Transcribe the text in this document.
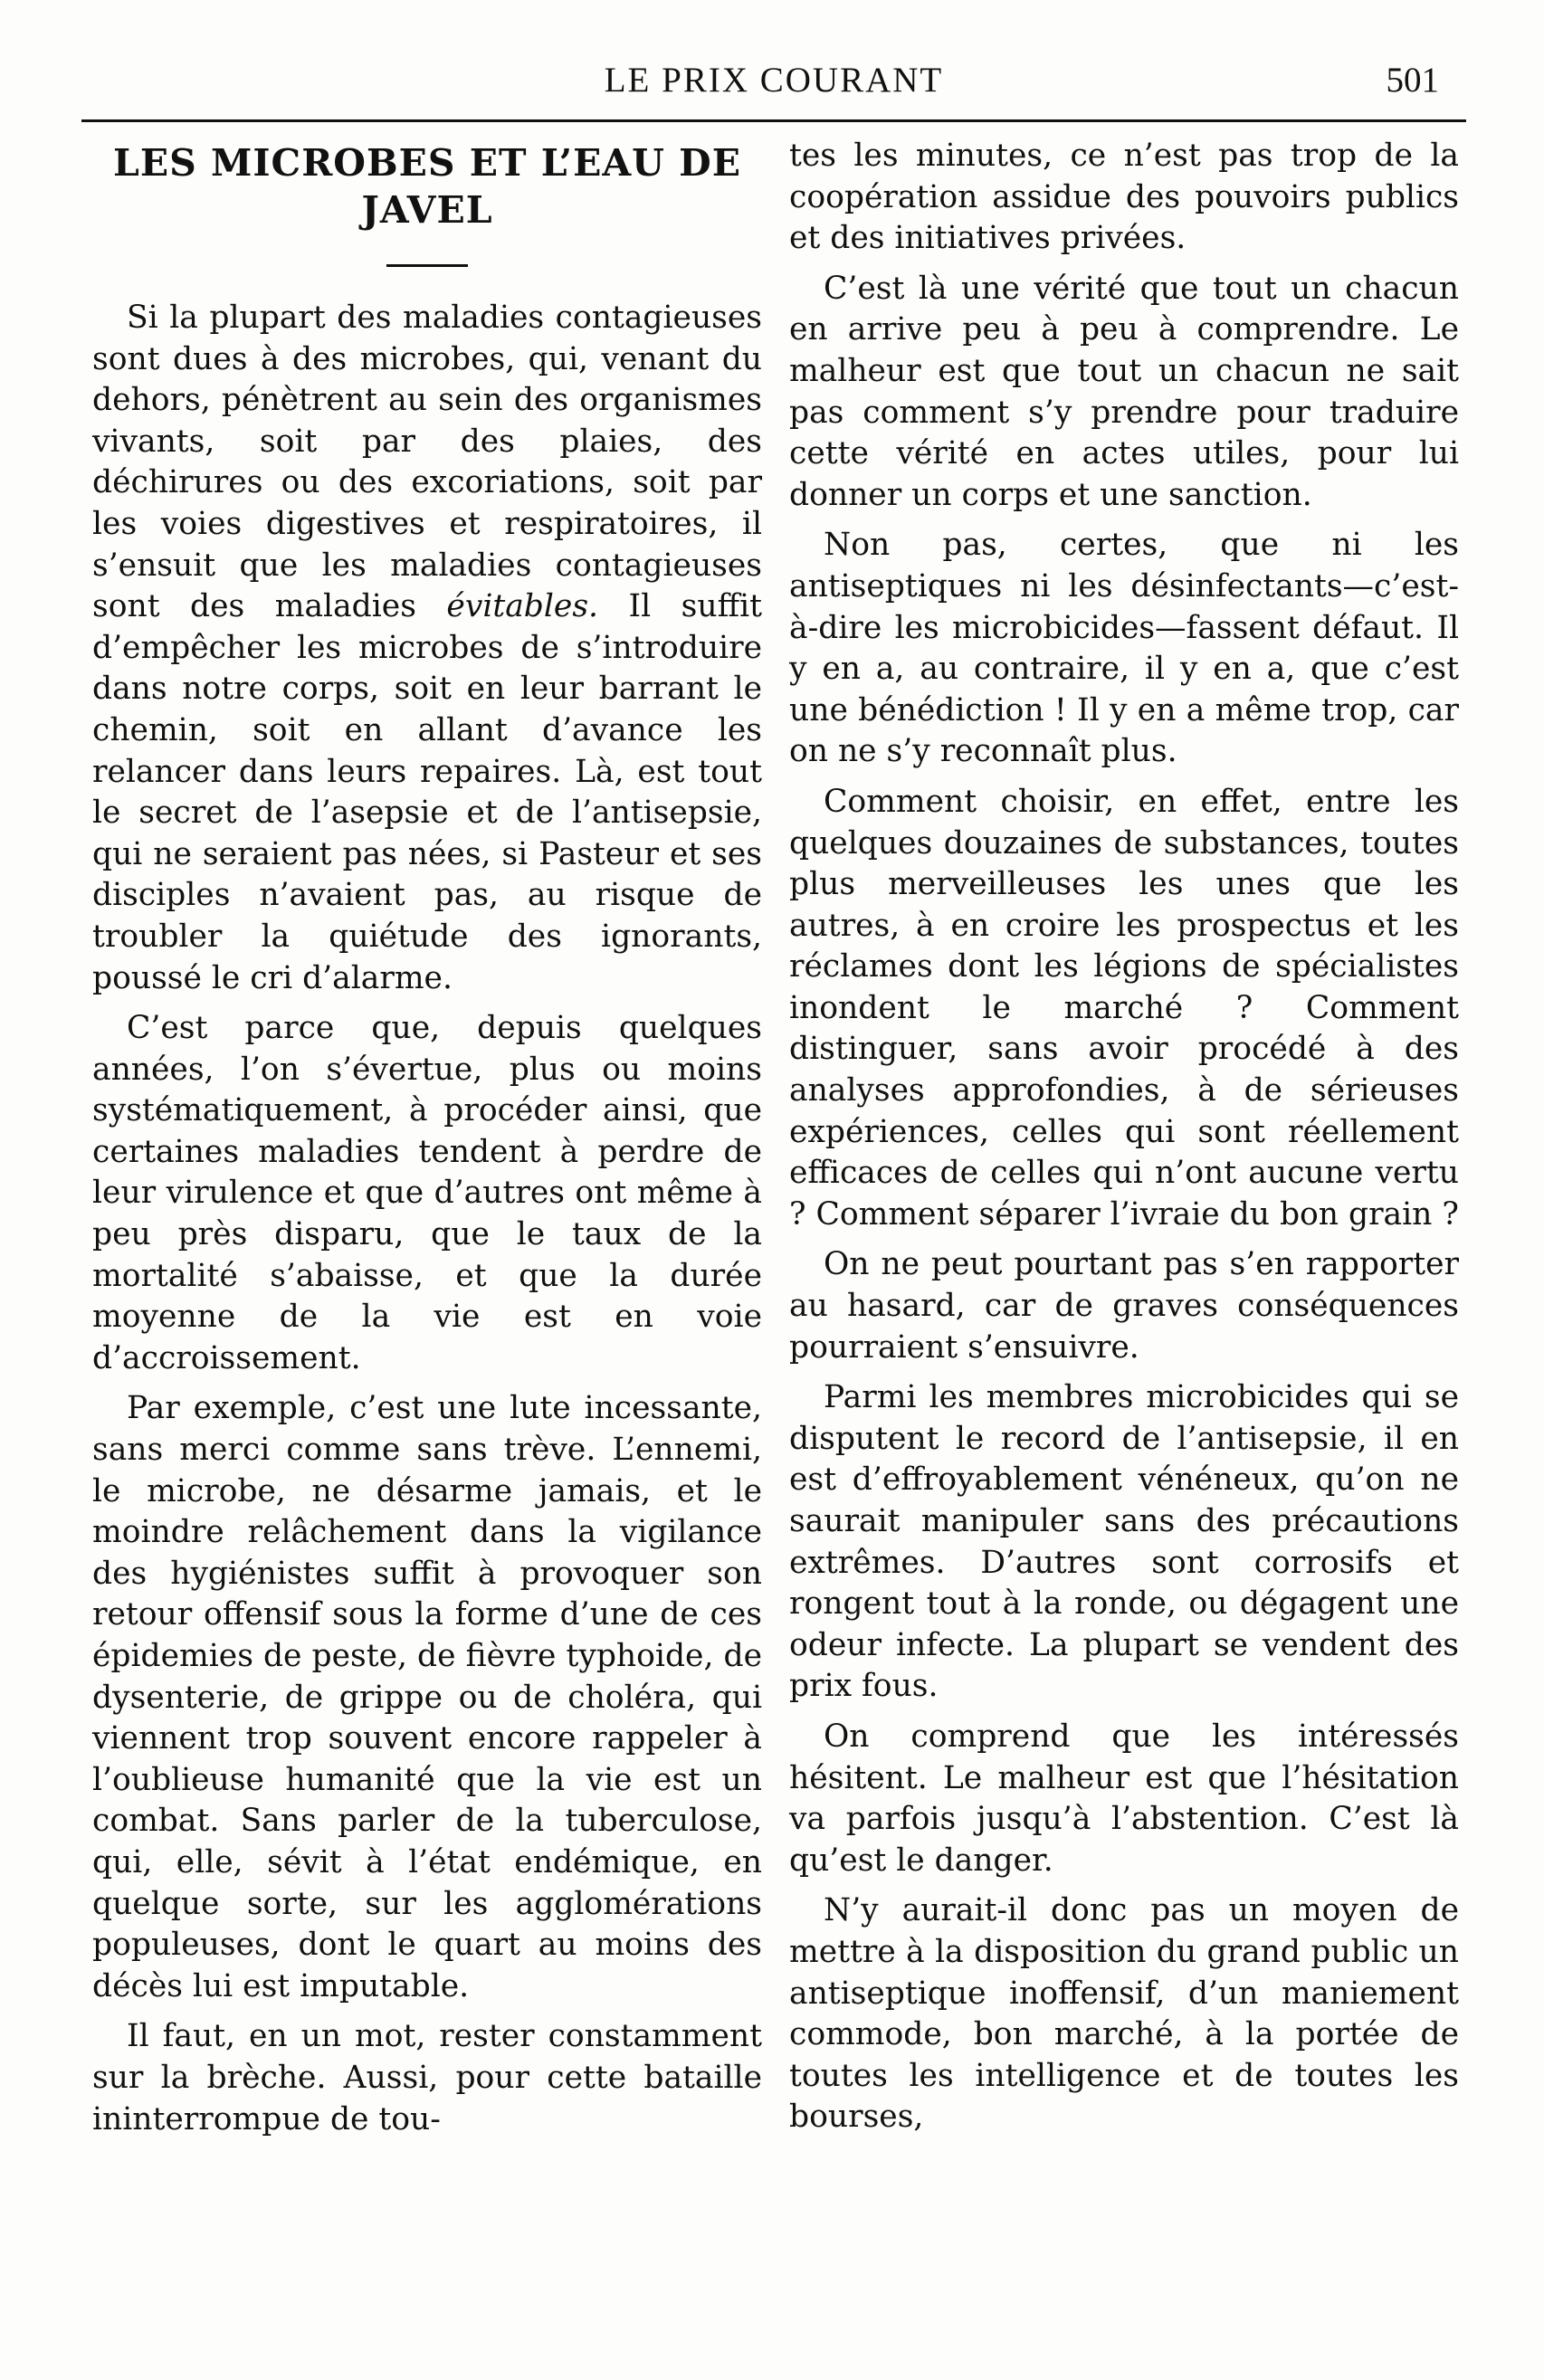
LE PRIX COURANT	501
LES MICROBES ET L’EAU DE JAVEL

Si la plupart des maladies contagieuses sont dues à des microbes, qui, venant du dehors, pénètrent au sein des organismes vivants, soit par des plaies, des déchirures ou des excoriations, soit par les voies digestives et respiratoires, il s’ensuit que les maladies contagieuses sont des maladies évitables. Il suffit d’empêcher les microbes de s’introduire dans notre corps, soit en leur barrant le chemin, soit en allant d’avance les relancer dans leurs repaires. Là, est tout le secret de l’asepsie et de l’antisepsie, qui ne seraient pas nées, si Pasteur et ses disciples n’avaient pas, au risque de troubler la quiétude des ignorants, poussé le cri d’alarme.

C’est parce que, depuis quelques années, l’on s’évertue, plus ou moins systématiquement, à procéder ainsi, que certaines maladies tendent à perdre de leur virulence et que d’autres ont même à peu près disparu, que le taux de la mortalité s’abaisse, et que la durée moyenne de la vie est en voie d’accroissement.

Par exemple, c’est une lute incessante, sans merci comme sans trève. L’ennemi, le microbe, ne désarme jamais, et le moindre relâchement dans la vigilance des hygiénistes suffit à provoquer son retour offensif sous la forme d’une de ces épidemies de peste, de fièvre typhoide, de dysenterie, de grippe ou de choléra, qui viennent trop souvent encore rappeler à l’oublieuse humanité que la vie est un combat. Sans parler de la tuberculose, qui, elle, sévit à l’état endémique, en quelque sorte, sur les agglomérations populeuses, dont le quart au moins des décès lui est imputable.

Il faut, en un mot, rester constamment sur la brèche. Aussi, pour cette bataille ininterrompue de tou-

tes les minutes, ce n’est pas trop de la coopération assidue des pouvoirs publics et des initiatives privées.

C’est là une vérité que tout un chacun en arrive peu à peu à comprendre. Le malheur est que tout un chacun ne sait pas comment s’y prendre pour traduire cette vérité en actes utiles, pour lui donner un corps et une sanction.

Non pas, certes, que ni les antiseptiques ni les désinfectants—c’est-à-dire les microbicides—fassent défaut. Il y en a, au contraire, il y en a, que c’est une bénédiction ! Il y en a même trop, car on ne s’y reconnaît plus.

Comment choisir, en effet, entre les quelques douzaines de substances, toutes plus merveilleuses les unes que les autres, à en croire les prospectus et les réclames dont les légions de spécialistes inondent le marché ? Comment distinguer, sans avoir procédé à des analyses approfondies, à de sérieuses expériences, celles qui sont réellement efficaces de celles qui n’ont aucune vertu ? Comment séparer l’ivraie du bon grain ?

On ne peut pourtant pas s’en rapporter au hasard, car de graves conséquences pourraient s’ensuivre.

Parmi les membres microbicides qui se disputent le record de l’antisepsie, il en est d’effroyablement vénéneux, qu’on ne saurait manipuler sans des précautions extrêmes. D’autres sont corrosifs et rongent tout à la ronde, ou dégagent une odeur infecte. La plupart se vendent des prix fous.

On comprend que les intéressés hésitent. Le malheur est que l’hésitation va parfois jusqu’à l’abstention. C’est là qu’est le danger.

N’y aurait-il donc pas un moyen de mettre à la disposition du grand public un antiseptique inoffensif, d’un maniement commode, bon marché, à la portée de toutes les intelligence et de toutes les bourses,
